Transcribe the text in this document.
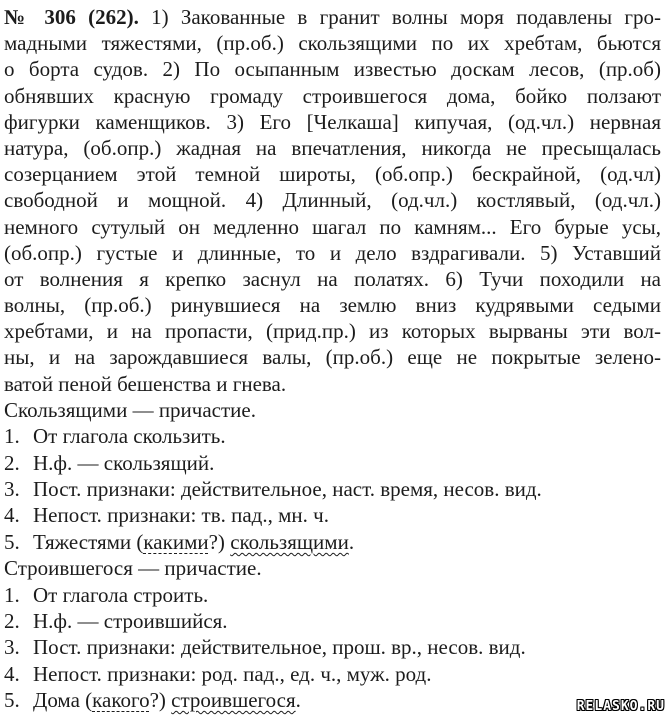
№ 306 (262). 1) Закованные в гранит волны моря подавлены гро-
мадными тяжестями, (пр.об.) скользящими по их хребтам, бьются
о борта судов. 2) По осыпанным известью доскам лесов, (пр.об)
обнявших красную громаду строившегося дома, бойко ползают
фигурки каменщиков. 3) Его [Челкаша] кипучая, (од.чл.) нервная
натура, (об.опр.) жадная на впечатления, никогда не пресыщалась
созерцанием этой темной широты, (об.опр.) бескрайной, (од.чл)
свободной и мощной. 4) Длинный, (од.чл.) костлявый, (од.чл.)
немного сутулый он медленно шагал по камням... Его бурые усы,
(об.опр.) густые и длинные, то и дело вздрагивали. 5) Уставший
от волнения я крепко заснул на полатях. 6) Тучи походили на
волны, (пр.об.) ринувшиеся на землю вниз кудрявыми седыми
хребтами, и на пропасти, (прид.пр.) из которых вырваны эти вол-
ны, и на зарождавшиеся валы, (пр.об.) еще не покрытые зелено-
ватой пеной бешенства и гнева.
Скользящими — причастие.
1. От глагола скользить.
2. Н.ф. — скользящий.
3. Пост. признаки: действительное, наст. время, несов. вид.
4. Непост. признаки: тв. пад., мн. ч.
5. Тяжестями (какими?) скользящими.
Строившегося — причастие.
1. От глагола строить.
2. Н.ф. — строившийся.
3. Пост. признаки: действительное, прош. вр., несов. вид.
4. Непост. признаки: род. пад., ед. ч., муж. род.
5. Дома (какого?) строившегося.	RELASKO.RU
